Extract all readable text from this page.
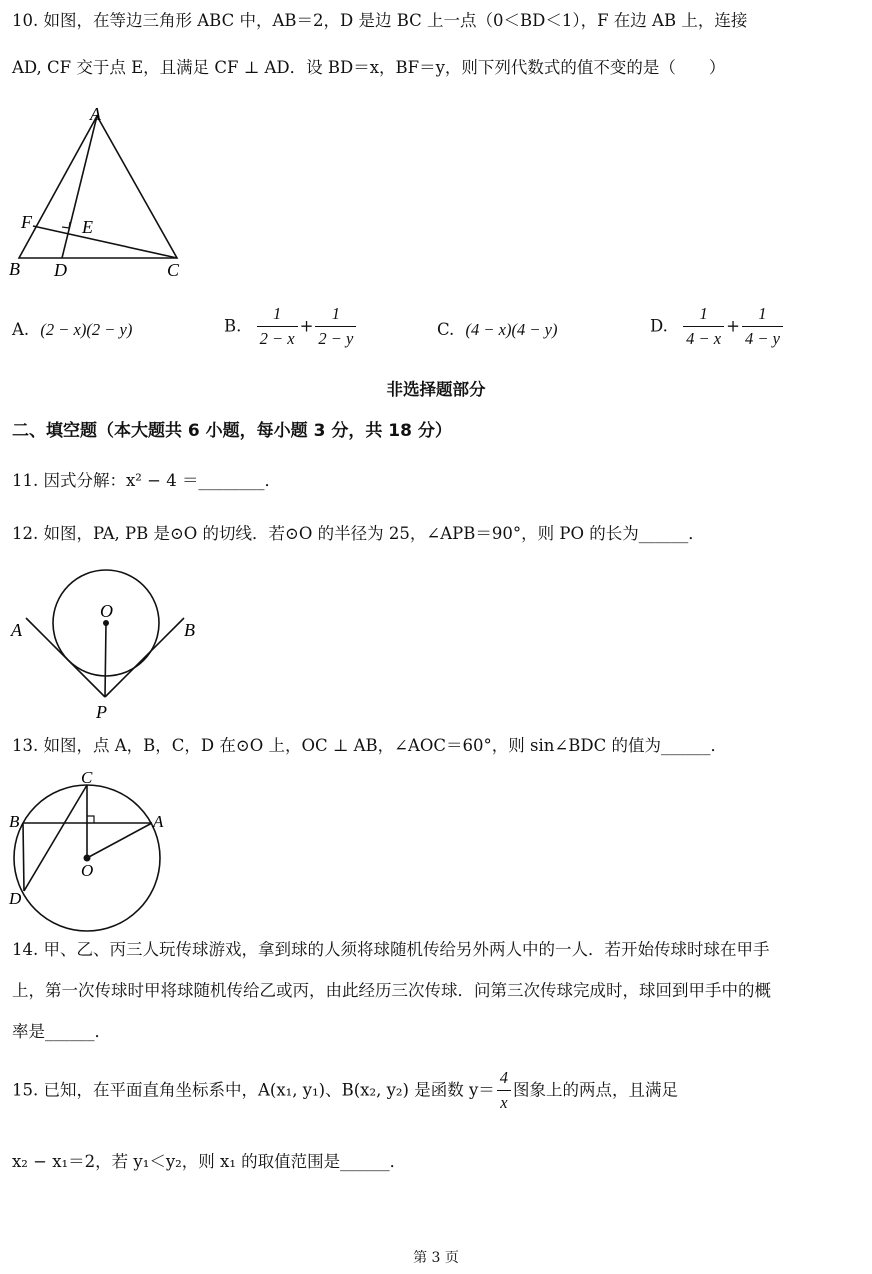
10. 如图，在等边三角形 ABC 中，AB＝2，D 是边 BC 上一点（0＜BD＜1），F 在边 AB 上，连接
AD, CF 交于点 E，且满足 CF ⊥ AD．设 BD＝x，BF＝y，则下列代数式的值不变的是（　　）
A
B	C
D
E
F
A. (2 − x)(2 − y)	B. $\frac{1}{2 - x} + \frac{1}{2 - y}$	C. (4 − x)(4 − y)	D. $\frac{1}{4 - x} + \frac{1}{4 - y}$
非选择题部分
二、填空题（本大题共 6 小题，每小题 3 分，共 18 分）
11. 因式分解：x² − 4 ＝________．
12. 如图，PA, PB 是⊙O 的切线．若⊙O 的半径为 25，∠APB＝90°，则 PO 的长为______．
O
A	B
P
13. 如图，点 A，B，C，D 在⊙O 上，OC ⊥ AB，∠AOC＝60°，则 sin∠BDC 的值为______．
C
B	A
O
D
14. 甲、乙、丙三人玩传球游戏，拿到球的人须将球随机传给另外两人中的一人．若开始传球时球在甲手
上，第一次传球时甲将球随机传给乙或丙，由此经历三次传球．问第三次传球完成时，球回到甲手中的概
率是______．
15. 已知，在平面直角坐标系中，A(x₁, y₁)、B(x₂, y₂) 是函数 $y= \frac{4}{x}$ 图象上的两点，且满足
x₂ − x₁＝2，若 y₁＜y₂，则 x₁ 的取值范围是______．
第 3 页
